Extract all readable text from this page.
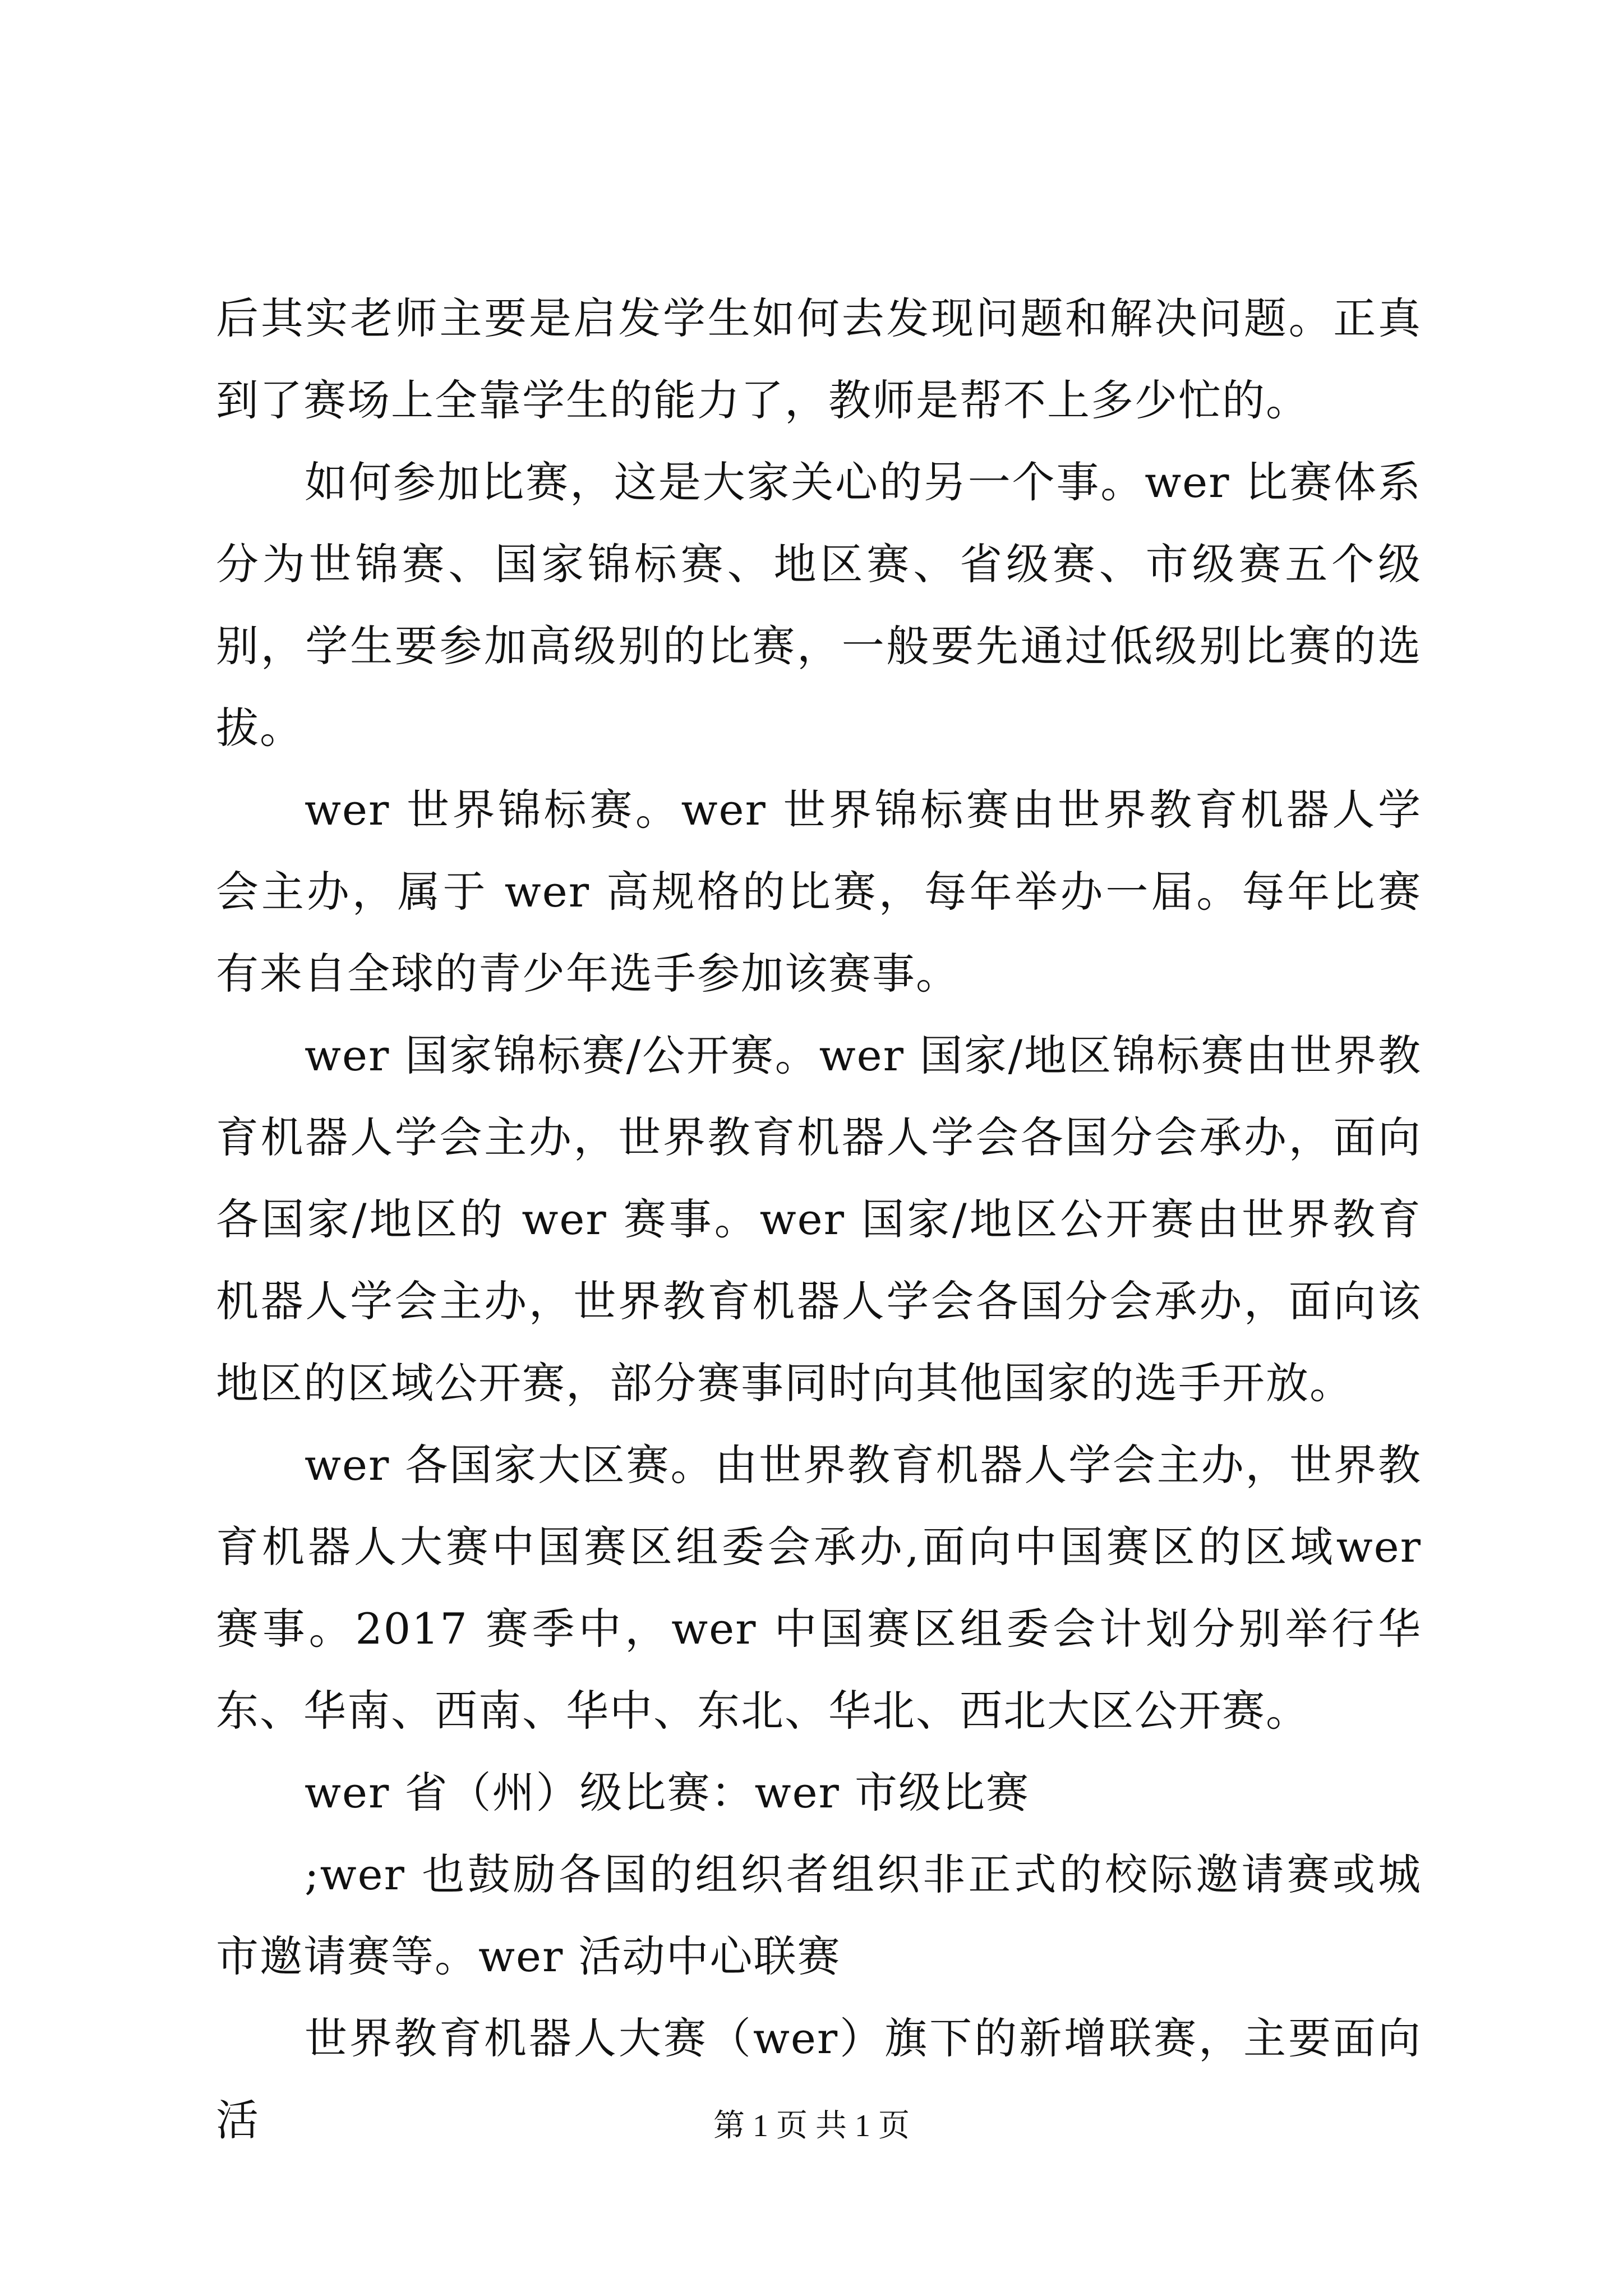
后其实老师主要是启发学生如何去发现问题和解决问题。正真到了赛场上全靠学生的能力了，教师是帮不上多少忙的。

如何参加比赛，这是大家关心的另一个事。wer 比赛体系分为世锦赛、国家锦标赛、地区赛、省级赛、市级赛五个级别，学生要参加高级别的比赛，一般要先通过低级别比赛的选拔。

wer 世界锦标赛。wer 世界锦标赛由世界教育机器人学会主办，属于 wer 高规格的比赛，每年举办一届。每年比赛有来自全球的青少年选手参加该赛事。

wer 国家锦标赛/公开赛。wer 国家/地区锦标赛由世界教育机器人学会主办，世界教育机器人学会各国分会承办，面向各国家/地区的 wer 赛事。wer 国家/地区公开赛由世界教育机器人学会主办，世界教育机器人学会各国分会承办，面向该地区的区域公开赛，部分赛事同时向其他国家的选手开放。

wer 各国家大区赛。由世界教育机器人学会主办，世界教育机器人大赛中国赛区组委会承办,面向中国赛区的区域wer 赛事。2017 赛季中，wer 中国赛区组委会计划分别举行华东、华南、西南、华中、东北、华北、西北大区公开赛。

wer 省（州）级比赛：wer 市级比赛

;wer 也鼓励各国的组织者组织非正式的校际邀请赛或城市邀请赛等。wer 活动中心联赛

世界教育机器人大赛（wer）旗下的新增联赛，主要面向活	第 1 页 共 1 页
